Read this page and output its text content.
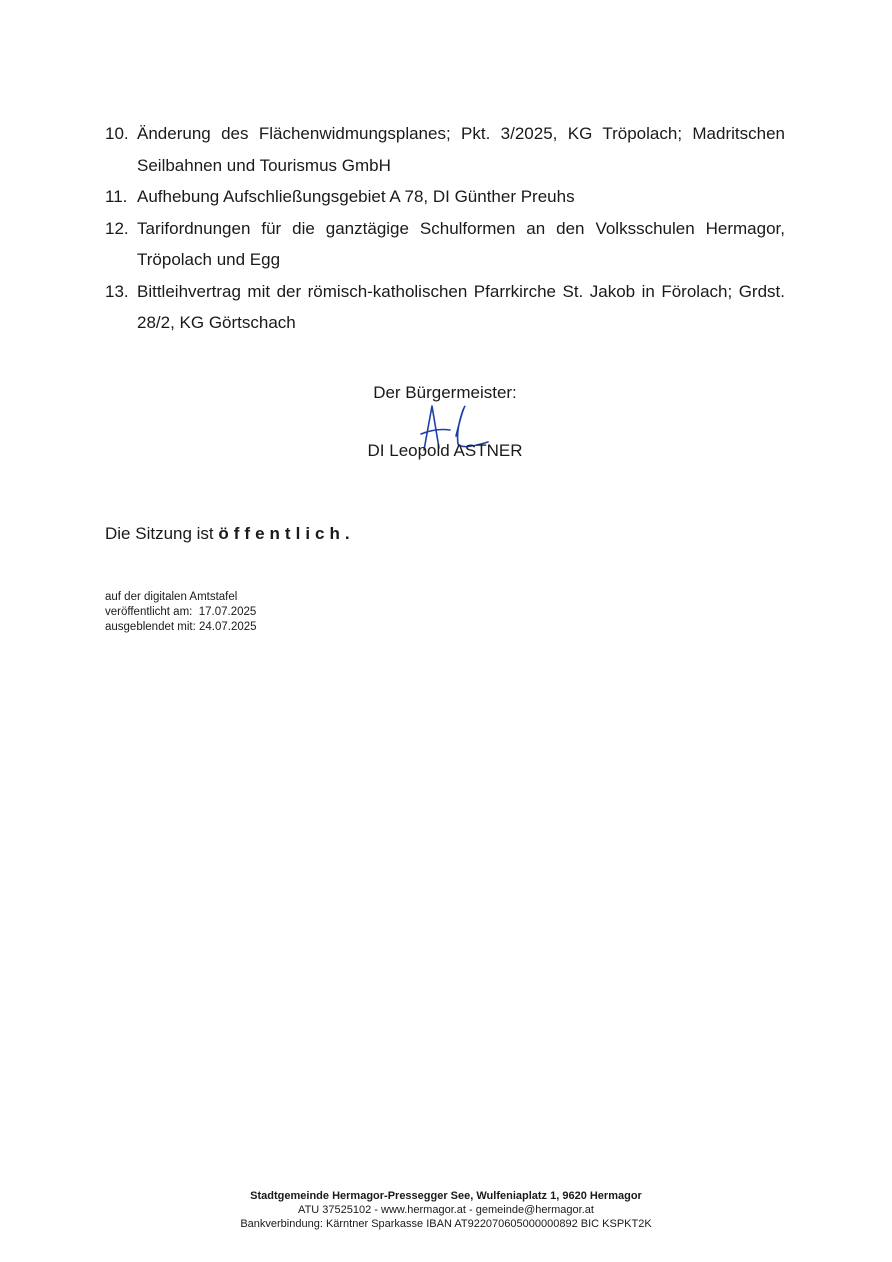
10. Änderung des Flächenwidmungsplanes; Pkt. 3/2025, KG Tröpolach; Madritschen Seilbahnen und Tourismus GmbH
11. Aufhebung Aufschließungsgebiet A 78, DI Günther Preuhs
12. Tarifordnungen für die ganztägige Schulformen an den Volksschulen Hermagor, Tröpolach und Egg
13. Bittleihvertrag mit der römisch-katholischen Pfarrkirche St. Jakob in Förolach; Grdst. 28/2, KG Görtschach
Der Bürgermeister:
DI Leopold ASTNER
Die Sitzung ist öffentlich.
auf der digitalen Amtstafel
veröffentlicht am:  17.07.2025
ausgeblendet mit: 24.07.2025
Stadtgemeinde Hermagor-Pressegger See, Wulfeniaplatz 1, 9620 Hermagor
ATU 37525102 - www.hermagor.at - gemeinde@hermagor.at
Bankverbindung: Kärntner Sparkasse IBAN AT922070605000000892 BIC KSPKT2K
